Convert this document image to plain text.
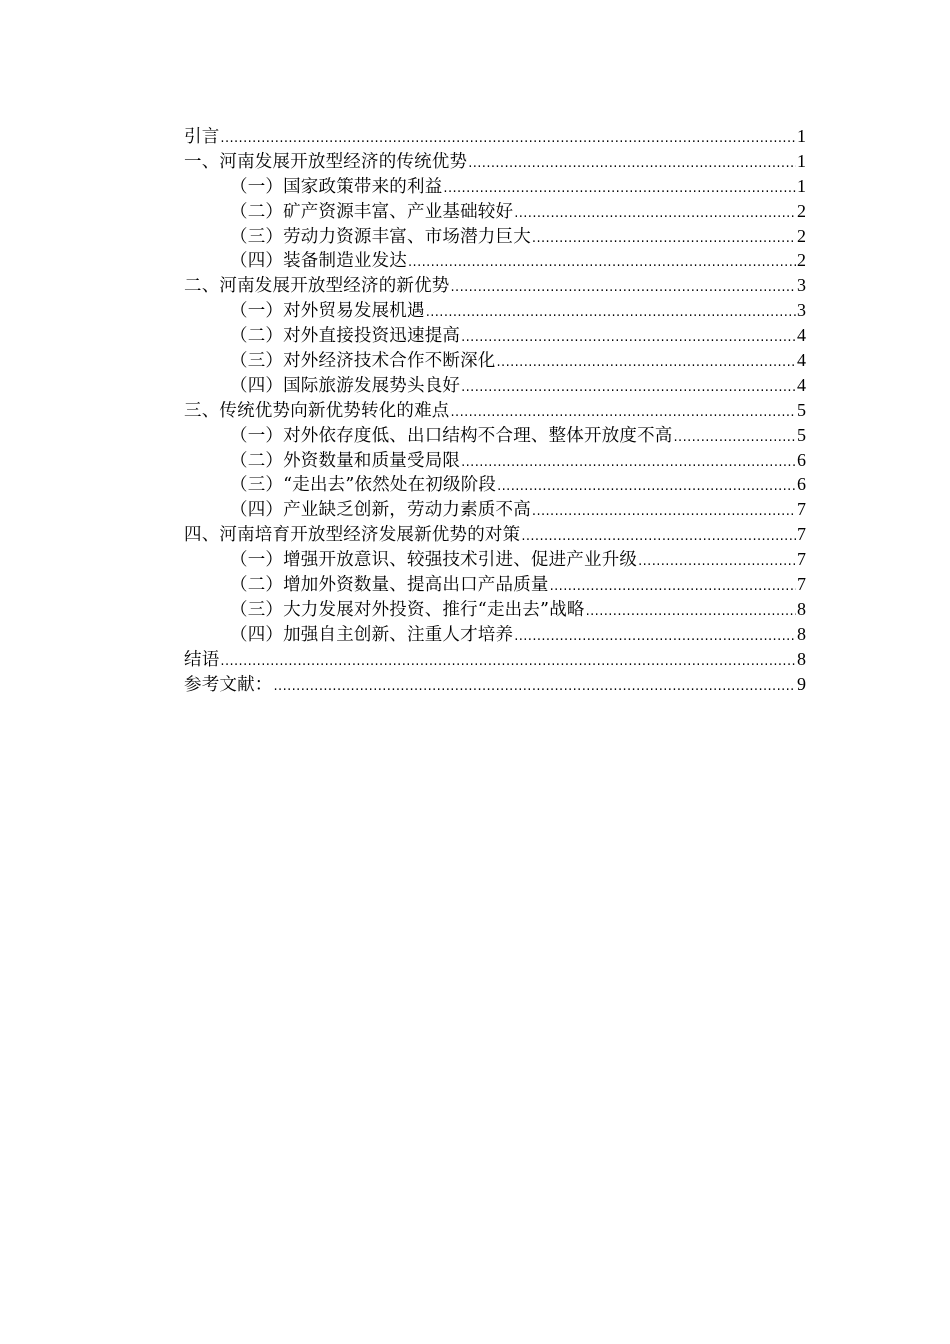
引言 .....	1
一、河南发展开放型经济的传统优势 .....	1
（一）国家政策带来的利益 .....	1
（二）矿产资源丰富、产业基础较好 .....	2
（三）劳动力资源丰富、市场潜力巨大 .....	2
（四）装备制造业发达 .....	2
二、河南发展开放型经济的新优势 .....	3
（一）对外贸易发展机遇 .....	3
（二）对外直接投资迅速提高 .....	4
（三）对外经济技术合作不断深化 .....	4
（四）国际旅游发展势头良好 .....	4
三、传统优势向新优势转化的难点 .....	5
（一）对外依存度低、出口结构不合理、整体开放度不高 .....	5
（二）外资数量和质量受局限 .....	6
（三）“走出去”依然处在初级阶段 .....	6
（四）产业缺乏创新，劳动力素质不高 .....	7
四、河南培育开放型经济发展新优势的对策 .....	7
（一）增强开放意识、较强技术引进、促进产业升级 .....	7
（二）增加外资数量、提高出口产品质量 .....	7
（三）大力发展对外投资、推行“走出去”战略 .....	8
（四）加强自主创新、注重人才培养 .....	8
结语 .....	8
参考文献： .....	9
